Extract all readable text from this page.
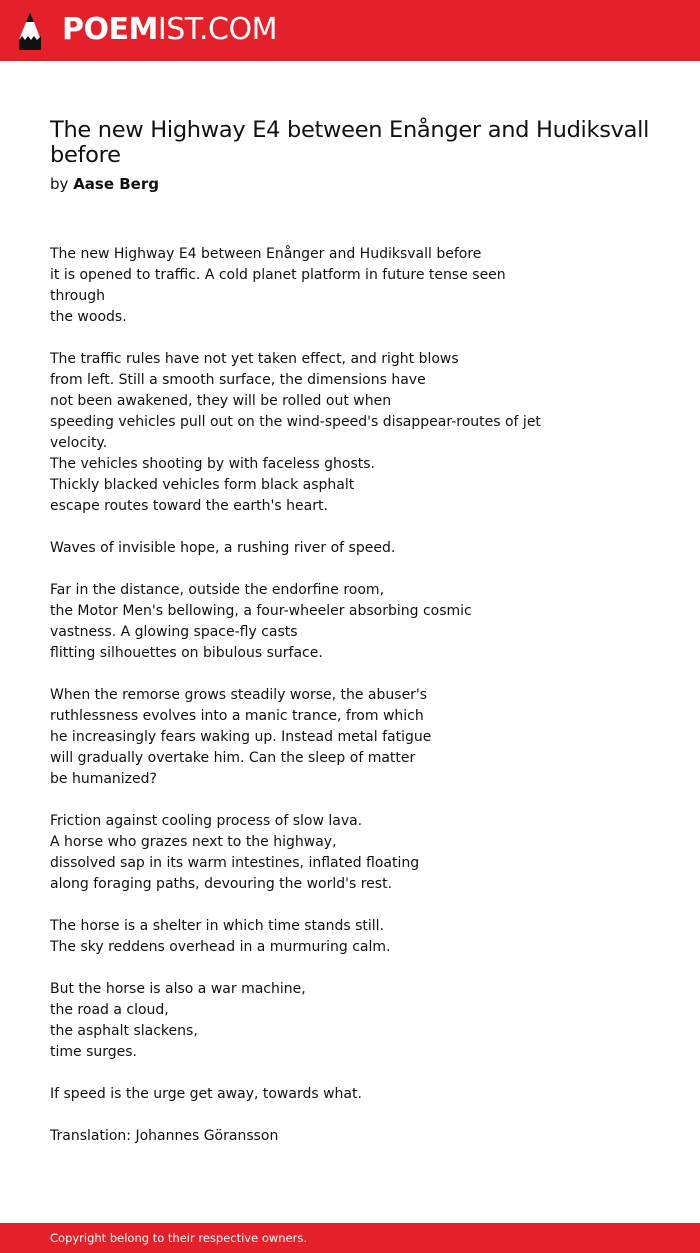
POEMIST.COM
The new Highway E4 between Enånger and Hudiksvall before
by Aase Berg
The new Highway E4 between Enånger and Hudiksvall before
it is opened to traffic. A cold planet platform in future tense seen
through
the woods.
The traffic rules have not yet taken effect, and right blows
from left. Still a smooth surface, the dimensions have
not been awakened, they will be rolled out when
speeding vehicles pull out on the wind-speed's disappear-routes of jet
velocity.
The vehicles shooting by with faceless ghosts.
Thickly blacked vehicles form black asphalt
escape routes toward the earth's heart.
Waves of invisible hope, a rushing river of speed.
Far in the distance, outside the endorfine room,
the Motor Men's bellowing, a four-wheeler absorbing cosmic
vastness. A glowing space-fly casts
flitting silhouettes on bibulous surface.
When the remorse grows steadily worse, the abuser's
ruthlessness evolves into a manic trance, from which
he increasingly fears waking up. Instead metal fatigue
will gradually overtake him. Can the sleep of matter
be humanized?
Friction against cooling process of slow lava.
A horse who grazes next to the highway,
dissolved sap in its warm intestines, inflated floating
along foraging paths, devouring the world's rest.
The horse is a shelter in which time stands still.
The sky reddens overhead in a murmuring calm.
But the horse is also a war machine,
the road a cloud,
the asphalt slackens,
time surges.
If speed is the urge get away, towards what.
Translation: Johannes Göransson
Copyright belong to their respective owners.
